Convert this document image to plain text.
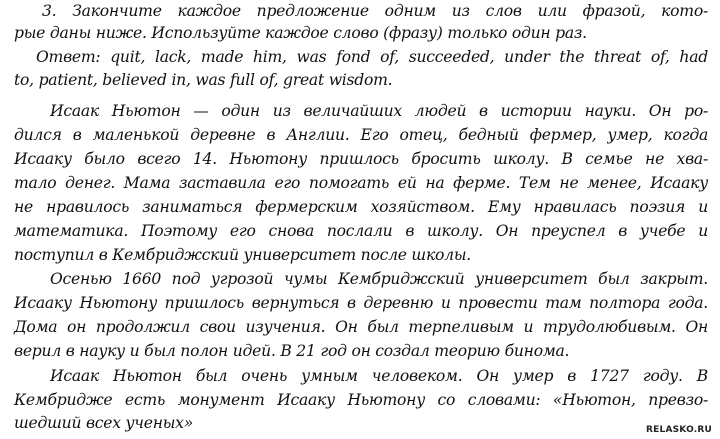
3. Закончите каждое предложение одним из слов или фразой, кото-
рые даны ниже. Используйте каждое слово (фразу) только один раз.
Ответ: quit, lack, made him, was fond of, succeeded, under the threat of, had
to, patient, believed in, was full of, great wisdom.
Исаак Ньютон — один из величайших людей в истории науки. Он ро-
дился в маленькой деревне в Англии. Его отец, бедный фермер, умер, когда
Исааку было всего 14. Ньютону пришлось бросить школу. В семье не хва-
тало денег. Мама заставила его помогать ей на ферме. Тем не менее, Исааку
не нравилось заниматься фермерским хозяйством. Ему нравилась поэзия и
математика. Поэтому его снова послали в школу. Он преуспел в учебе и
поступил в Кембриджский университет после школы.
Осенью 1660 под угрозой чумы Кембриджский университет был закрыт.
Исааку Ньютону пришлось вернуться в деревню и провести там полтора года.
Дома он продолжил свои изучения. Он был терпеливым и трудолюбивым. Он
верил в науку и был полон идей. В 21 год он создал теорию бинома.
Исаак Ньютон был очень умным человеком. Он умер в 1727 году. В
Кембридже есть монумент Исааку Ньютону со словами: «Ньютон, превзо-
шедший всех ученых»	RELASKO.RU
